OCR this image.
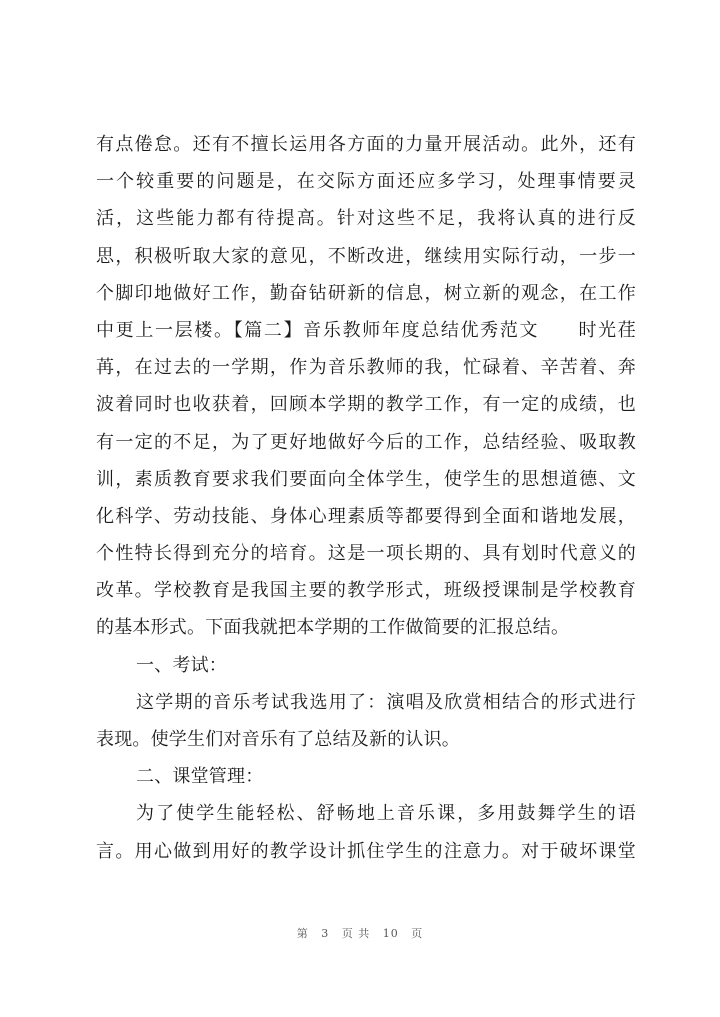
有点倦怠。还有不擅长运用各方面的力量开展活动。此外，还有
一个较重要的问题是，在交际方面还应多学习，处理事情要灵
活，这些能力都有待提高。针对这些不足，我将认真的进行反
思，积极听取大家的意见，不断改进，继续用实际行动，一步一
个脚印地做好工作，勤奋钻研新的信息，树立新的观念，在工作
中更上一层楼。【篇二】音乐教师年度总结优秀范文　　时光荏
苒，在过去的一学期，作为音乐教师的我，忙碌着、辛苦着、奔
波着同时也收获着，回顾本学期的教学工作，有一定的成绩，也
有一定的不足，为了更好地做好今后的工作，总结经验、吸取教
训，素质教育要求我们要面向全体学生，使学生的思想道德、文
化科学、劳动技能、身体心理素质等都要得到全面和谐地发展，
个性特长得到充分的培育。这是一项长期的、具有划时代意义的
改革。学校教育是我国主要的教学形式，班级授课制是学校教育
的基本形式。下面我就把本学期的工作做简要的汇报总结。
一、考试：
这学期的音乐考试我选用了：演唱及欣赏相结合的形式进行
表现。使学生们对音乐有了总结及新的认识。
二、课堂管理：
为了使学生能轻松、舒畅地上音乐课，多用鼓舞学生的语
言。用心做到用好的教学设计抓住学生的注意力。对于破坏课堂
第 3 页 共 10 页
